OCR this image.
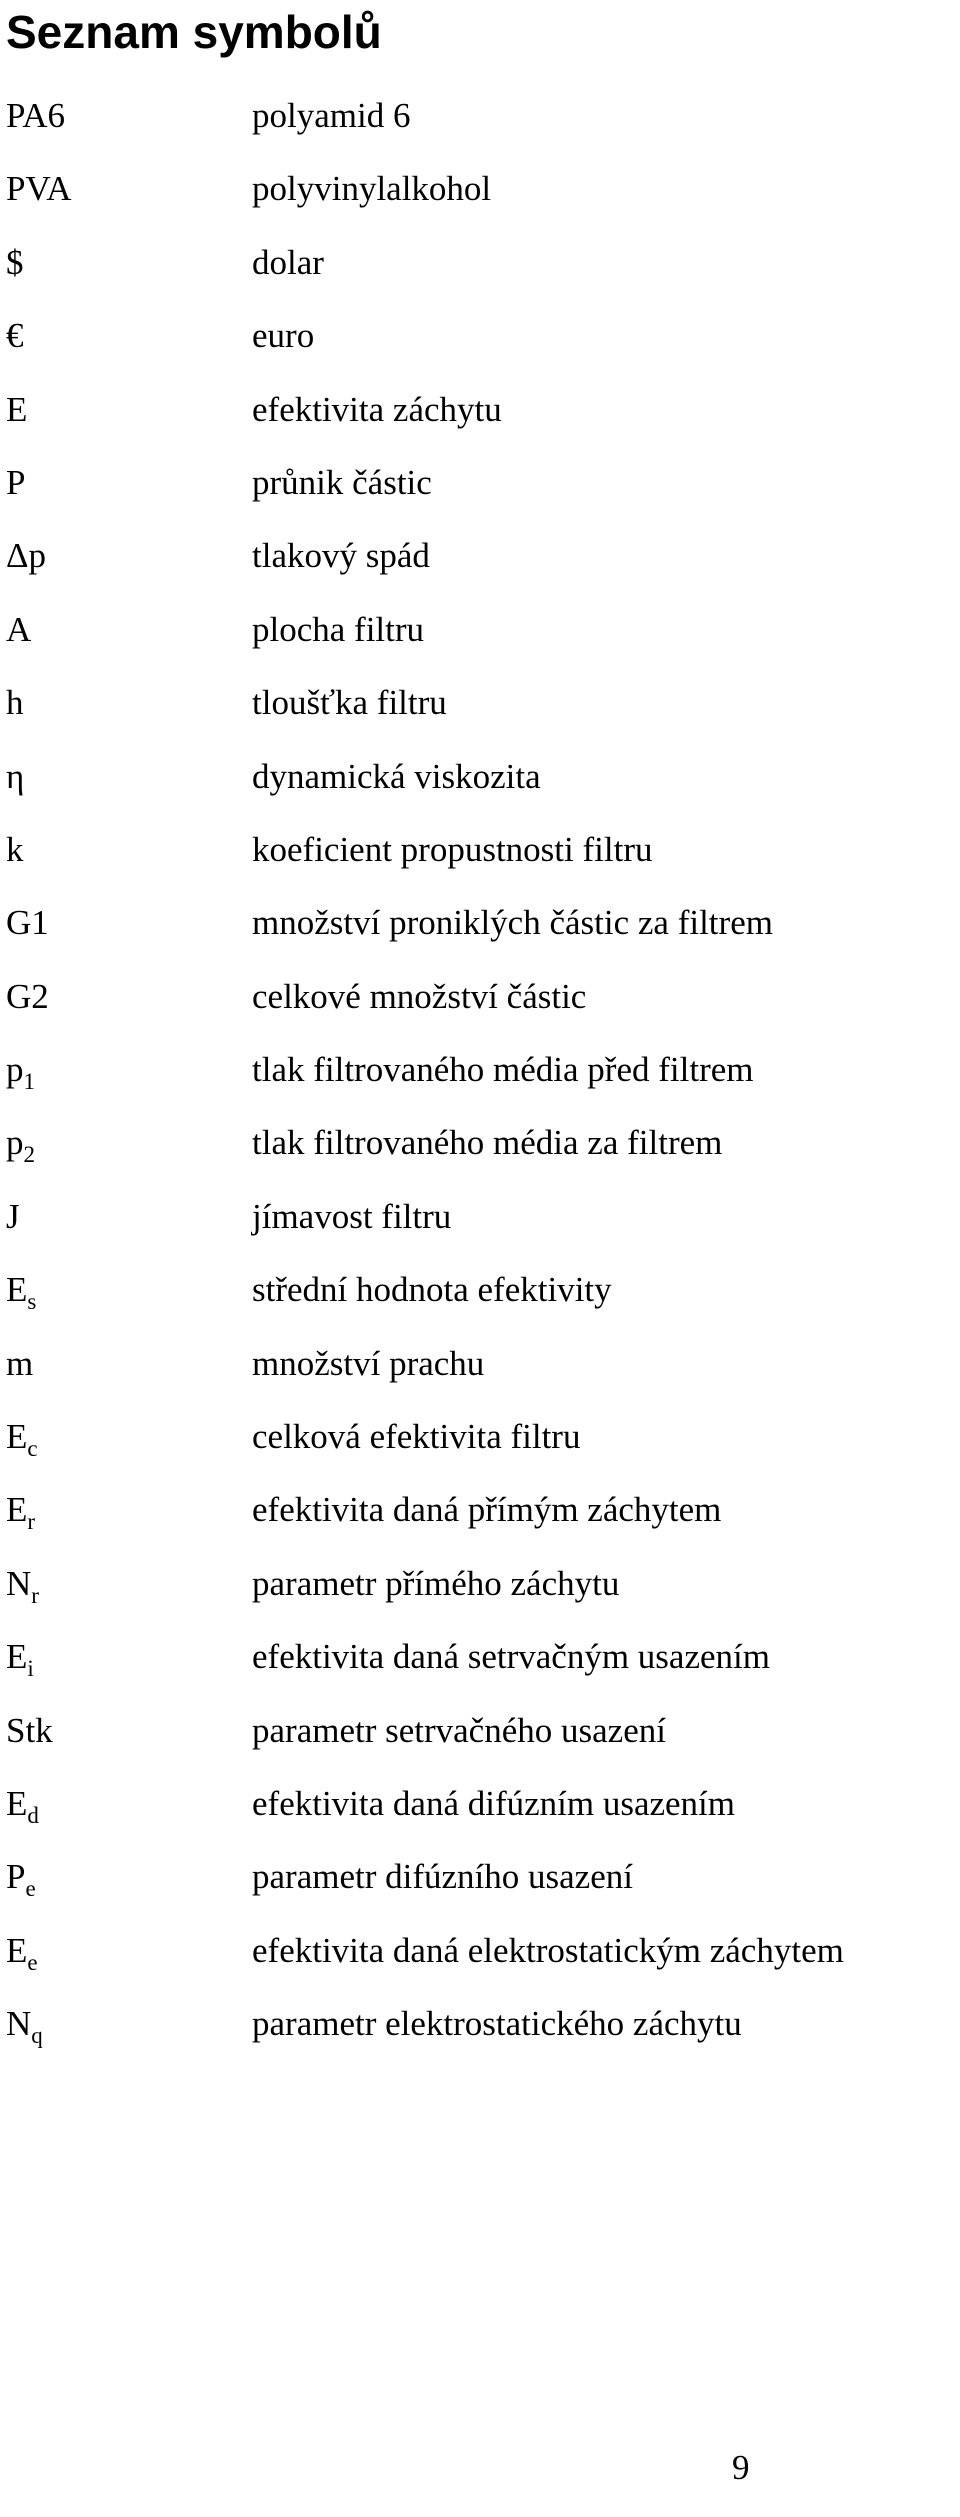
Seznam symbolů
PA6	polyamid 6
PVA	polyvinylalkohol
$	dolar
€	euro
E	efektivita záchytu
P	průnik částic
Δp	tlakový spád
A	plocha filtru
h	tloušťka filtru
η	dynamická viskozita
k	koeficient propustnosti filtru
G1	množství proniklých částic za filtrem
G2	celkové množství částic
$p_1$	tlak filtrovaného média před filtrem
$p_2$	tlak filtrovaného média za filtrem
J	jímavost filtru
$E_s$	střední hodnota efektivity
m	množství prachu
$E_c$	celková efektivita filtru
$E_r$	efektivita daná přímým záchytem
$N_r$	parametr přímého záchytu
$E_i$	efektivita daná setrvačným usazením
Stk	parametr setrvačného usazení
$E_d$	efektivita daná difúzním usazením
$P_e$	parametr difúzního usazení
$E_e$	efektivita daná elektrostatickým záchytem
$N_q$	parametr elektrostatického záchytu
9
